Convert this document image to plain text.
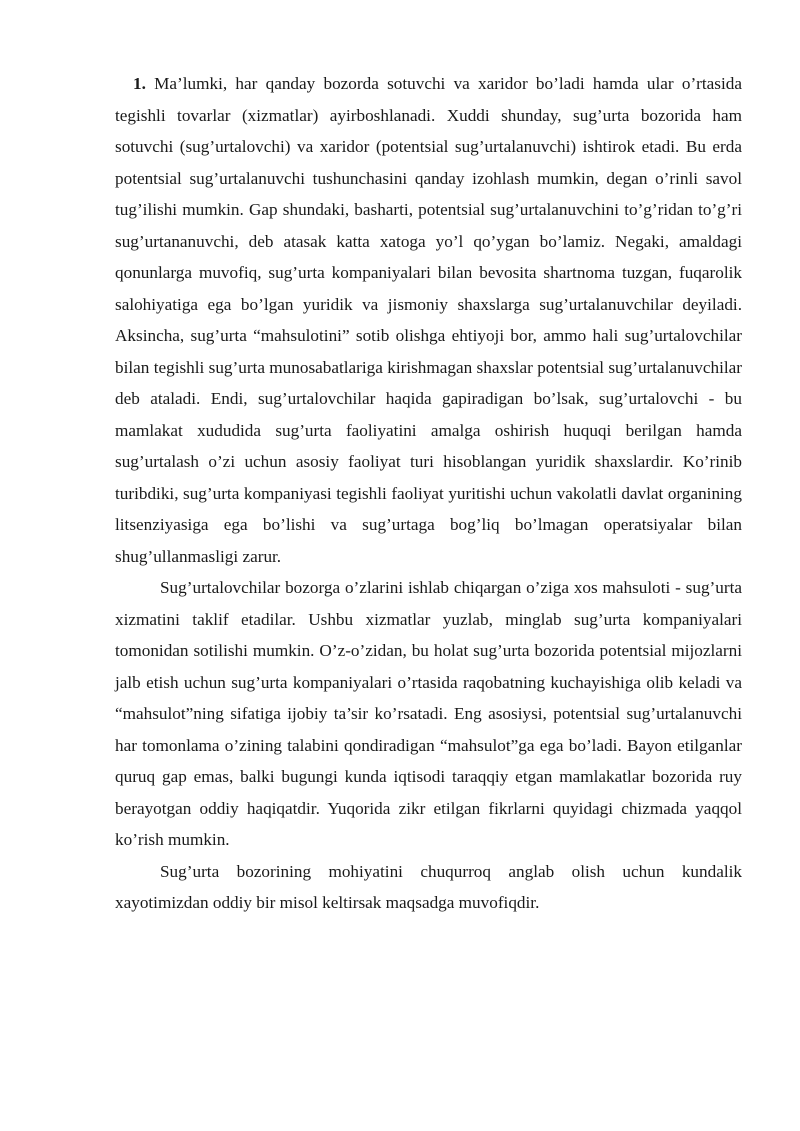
1. Ma’lumki, har qanday bozorda sotuvchi va xaridor bo’ladi hamda ular o’rtasida tegishli tovarlar (xizmatlar) ayirboshlanadi. Xuddi shunday, sug’urta bozorida ham sotuvchi (sug’urtalovchi) va xaridor (potentsial sug’urtalanuvchi) ishtirok etadi. Bu erda potentsial sug’urtalanuvchi tushunchasini qanday izohlash mumkin, degan o’rinli savol tug’ilishi mumkin. Gap shundaki, basharti, potentsial sug’urtalanuvchini to’g’ridan to’g’ri sug’urtananuvchi, deb atasak katta xatoga yo’l qo’ygan bo’lamiz. Negaki, amaldagi qonunlarga muvofiq, sug’urta kompaniyalari bilan bevosita shartnoma tuzgan, fuqarolik salohiyatiga ega bo’lgan yuridik va jismoniy shaxslarga sug’urtalanuvchilar deyiladi. Aksincha, sug’urta “mahsulotini” sotib olishga ehtiyoji bor, ammo hali sug’urtalovchilar bilan tegishli sug’urta munosabatlariga kirishmagan shaxslar potentsial sug’urtalanuvchilar deb ataladi. Endi, sug’urtalovchilar haqida gapiradigan bo’lsak, sug’urtalovchi - bu mamlakat xududida sug’urta faoliyatini amalga oshirish huquqi berilgan hamda sug’urtalash o’zi uchun asosiy faoliyat turi hisoblangan yuridik shaxslardir. Ko’rinib turibdiki, sug’urta kompaniyasi tegishli faoliyat yuritishi uchun vakolatli davlat organining litsenziyasiga ega bo’lishi va sug’urtaga bog’liq bo’lmagan operatsiyalar bilan shug’ullanmasligi zarur.

Sug’urtalovchilar bozorga o’zlarini ishlab chiqargan o’ziga xos mahsuloti - sug’urta xizmatini taklif etadilar. Ushbu xizmatlar yuzlab, minglab sug’urta kompaniyalari tomonidan sotilishi mumkin. O’z-o’zidan, bu holat sug’urta bozorida potentsial mijozlarni jalb etish uchun sug’urta kompaniyalari o’rtasida raqobatning kuchayishiga olib keladi va “mahsulot”ning sifatiga ijobiy ta’sir ko’rsatadi. Eng asosiysi, potentsial sug’urtalanuvchi har tomonlama o’zining talabini qondiradigan “mahsulot”ga ega bo’ladi. Bayon etilganlar quruq gap emas, balki bugungi kunda iqtisodi taraqqiy etgan mamlakatlar bozorida ruy berayotgan oddiy haqiqatdir. Yuqorida zikr etilgan fikrlarni quyidagi chizmada yaqqol ko’rish mumkin.

Sug’urta bozorining mohiyatini chuqurroq anglab olish uchun kundalik xayotimizdan oddiy bir misol keltirsak maqsadga muvofiqdir.
